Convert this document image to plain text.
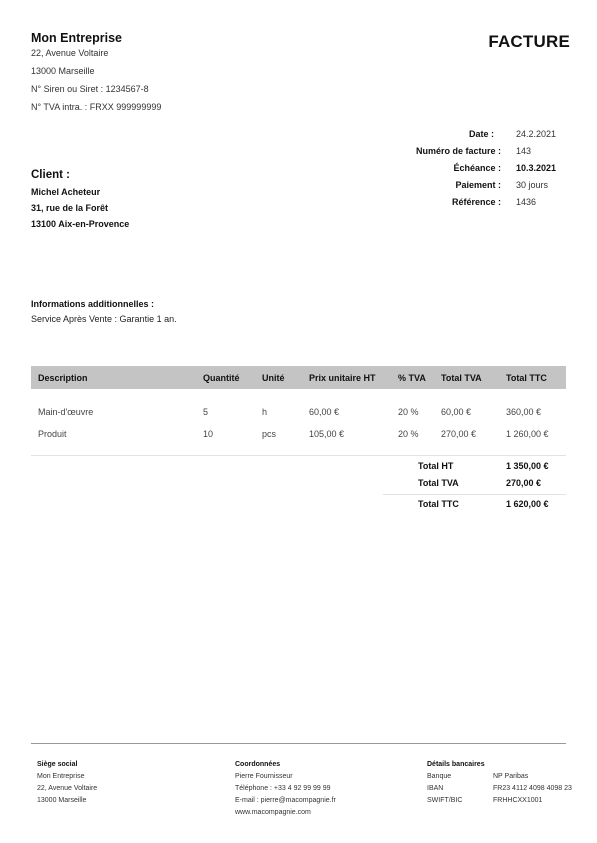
Mon Entreprise
22, Avenue Voltaire
13000 Marseille
N° Siren ou Siret : 1234567-8
N° TVA intra. : FRXX 999999999
FACTURE
Date : 24.2.2021
Numéro de facture : 143
Échéance : 10.3.2021
Paiement : 30 jours
Référence : 1436
Client :
Michel Acheteur
31, rue de la Forêt
13100 Aix-en-Provence
Informations additionnelles :
Service Après Vente : Garantie 1 an.
Description	Quantité Unité	Prix unitaire HT % TVA Total TVA	Total TTC
Main-d'œuvre	5	h	60,00 €	20 % 60,00 €	360,00 €
Produit	10	pcs	105,00 €	20 % 270,00 €	1 260,00 €
Total HT	1 350,00 €
Total TVA	270,00 €
Total TTC	1 620,00 €
Siège social
Mon Entreprise
22, Avenue Voltaire
13000 Marseille
Coordonnées
Pierre Fournisseur
Téléphone : +33 4 92 99 99 99
E-mail : pierre@macompagnie.fr
www.macompagnie.com
Détails bancaires
Banque	NP Paribas
IBAN	FR23 4112 4098 4098 23
SWIFT/BIC	FRHHCXX1001
